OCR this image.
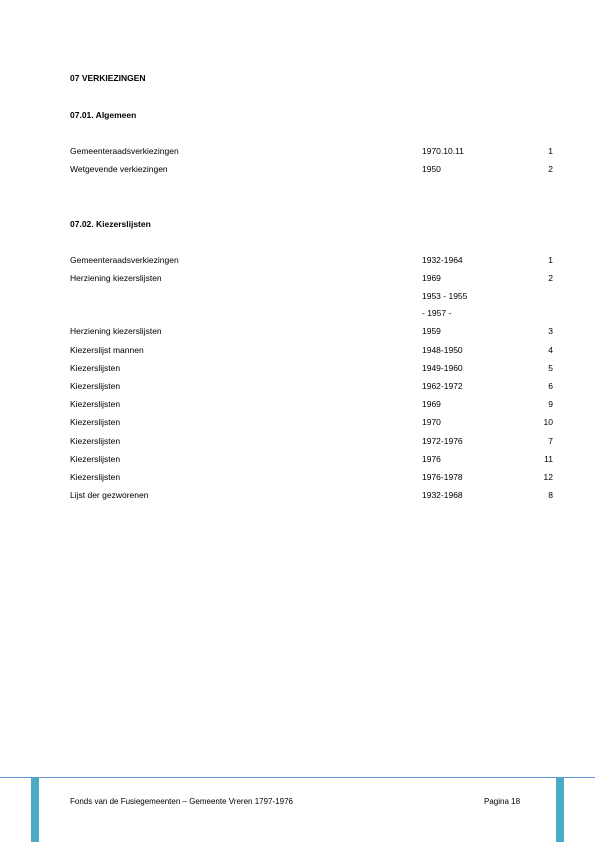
07 VERKIEZINGEN
07.01. Algemeen
Gemeenteraadsverkiezingen	1970.10.11	1
Wetgevende verkiezingen	1950	2
07.02. Kiezerslijsten
Gemeenteraadsverkiezingen	1932-1964	1
Herziening kiezerslijsten	1969	2
1953 - 1955
- 1957 -
Herziening kiezerslijsten	1959	3
Kiezerslijst mannen	1948-1950	4
Kiezerslijsten	1949-1960	5
Kiezerslijsten	1962-1972	6
Kiezerslijsten	1969	9
Kiezerslijsten	1970	10
Kiezerslijsten	1972-1976	7
Kiezerslijsten	1976	11
Kiezerslijsten	1976-1978	12
Lijst der gezworenen	1932-1968	8
Fonds van de Fusiegemeenten – Gemeente Vreren 1797-1976	Pagina 18
